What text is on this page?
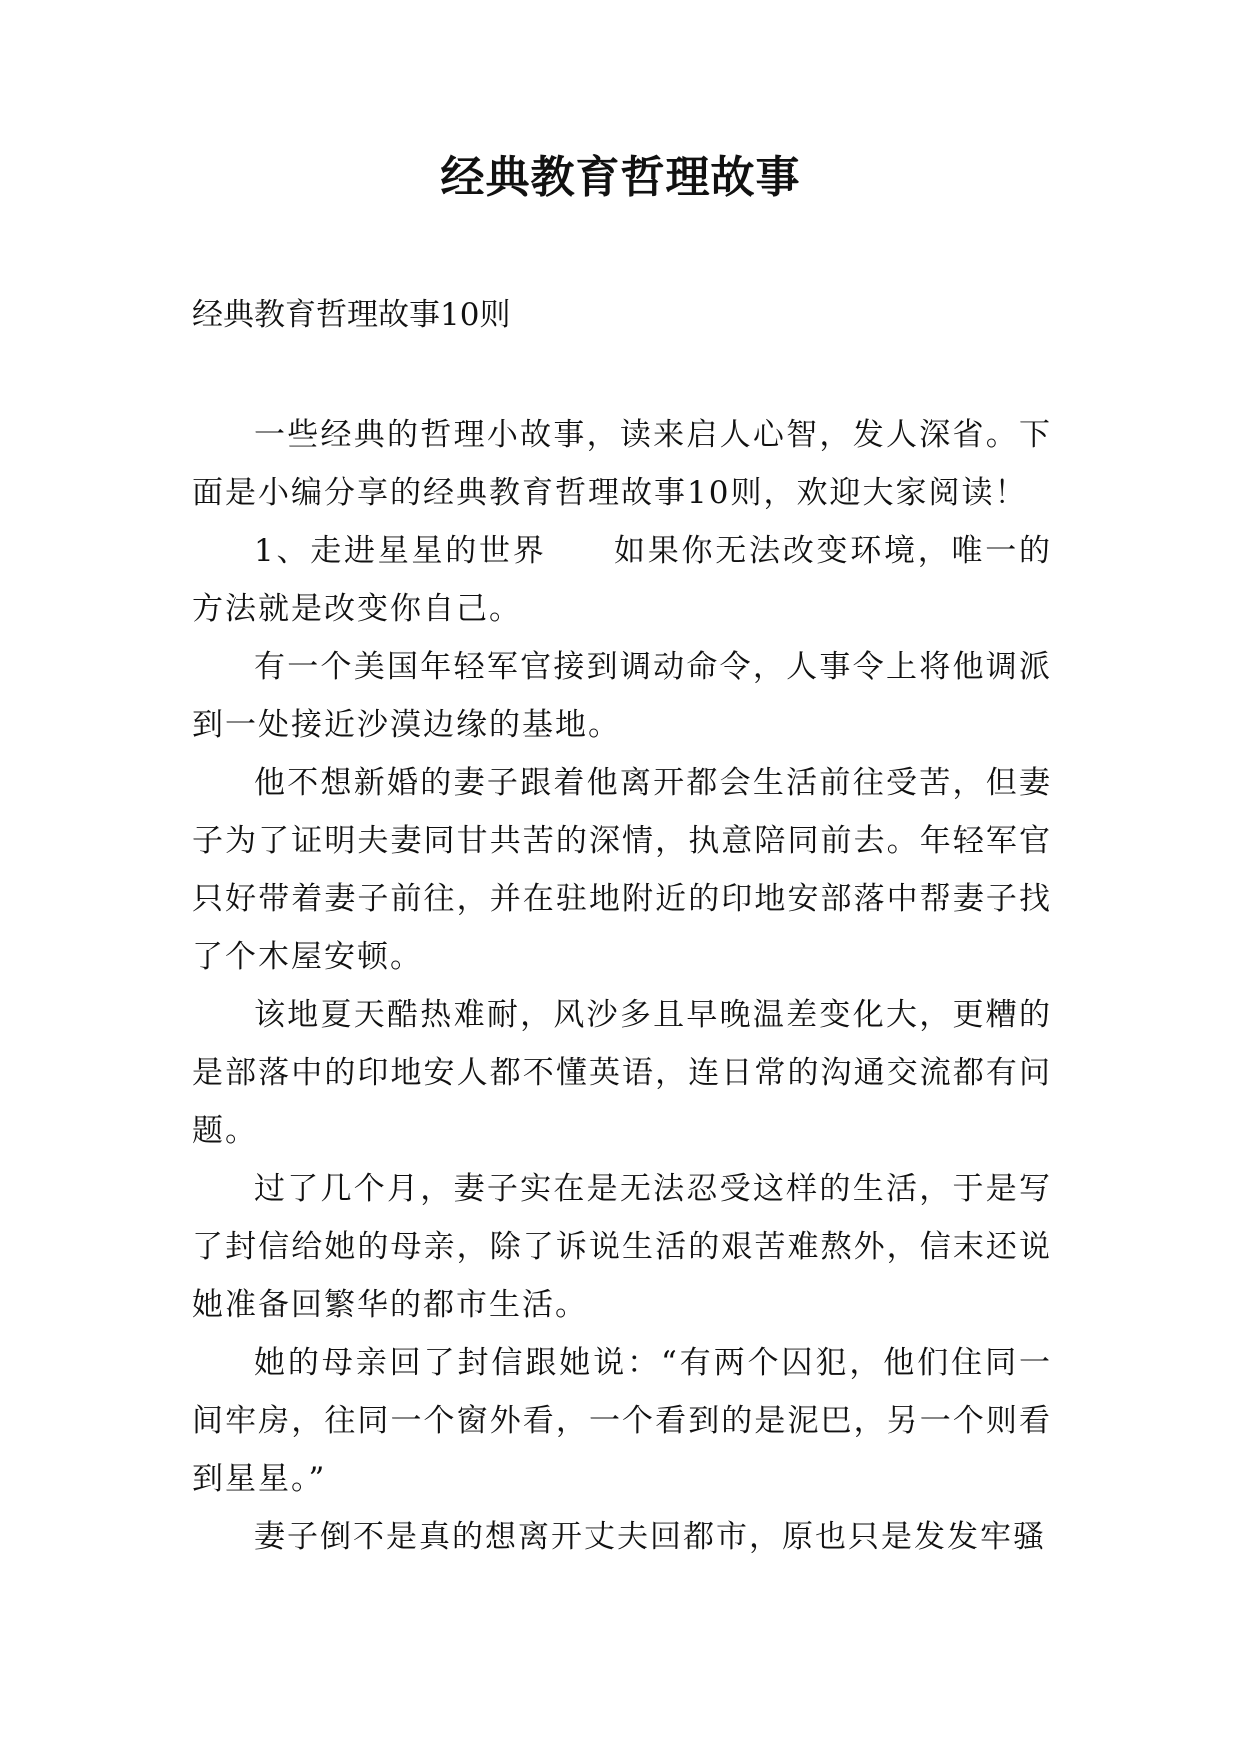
经典教育哲理故事
经典教育哲理故事10则

一些经典的哲理小故事，读来启人心智，发人深省。下面是小编分享的经典教育哲理故事10则，欢迎大家阅读！

1、走进星星的世界　　如果你无法改变环境，唯一的方法就是改变你自己。

有一个美国年轻军官接到调动命令，人事令上将他调派到一处接近沙漠边缘的基地。

他不想新婚的妻子跟着他离开都会生活前往受苦，但妻子为了证明夫妻同甘共苦的深情，执意陪同前去。年轻军官只好带着妻子前往，并在驻地附近的印地安部落中帮妻子找了个木屋安顿。

该地夏天酷热难耐，风沙多且早晚温差变化大，更糟的是部落中的印地安人都不懂英语，连日常的沟通交流都有问题。

过了几个月，妻子实在是无法忍受这样的生活，于是写了封信给她的母亲，除了诉说生活的艰苦难熬外，信末还说她准备回繁华的都市生活。

她的母亲回了封信跟她说：“有两个囚犯，他们住同一间牢房，往同一个窗外看，一个看到的是泥巴，另一个则看到星星。”

妻子倒不是真的想离开丈夫回都市，原也只是发发牢骚
